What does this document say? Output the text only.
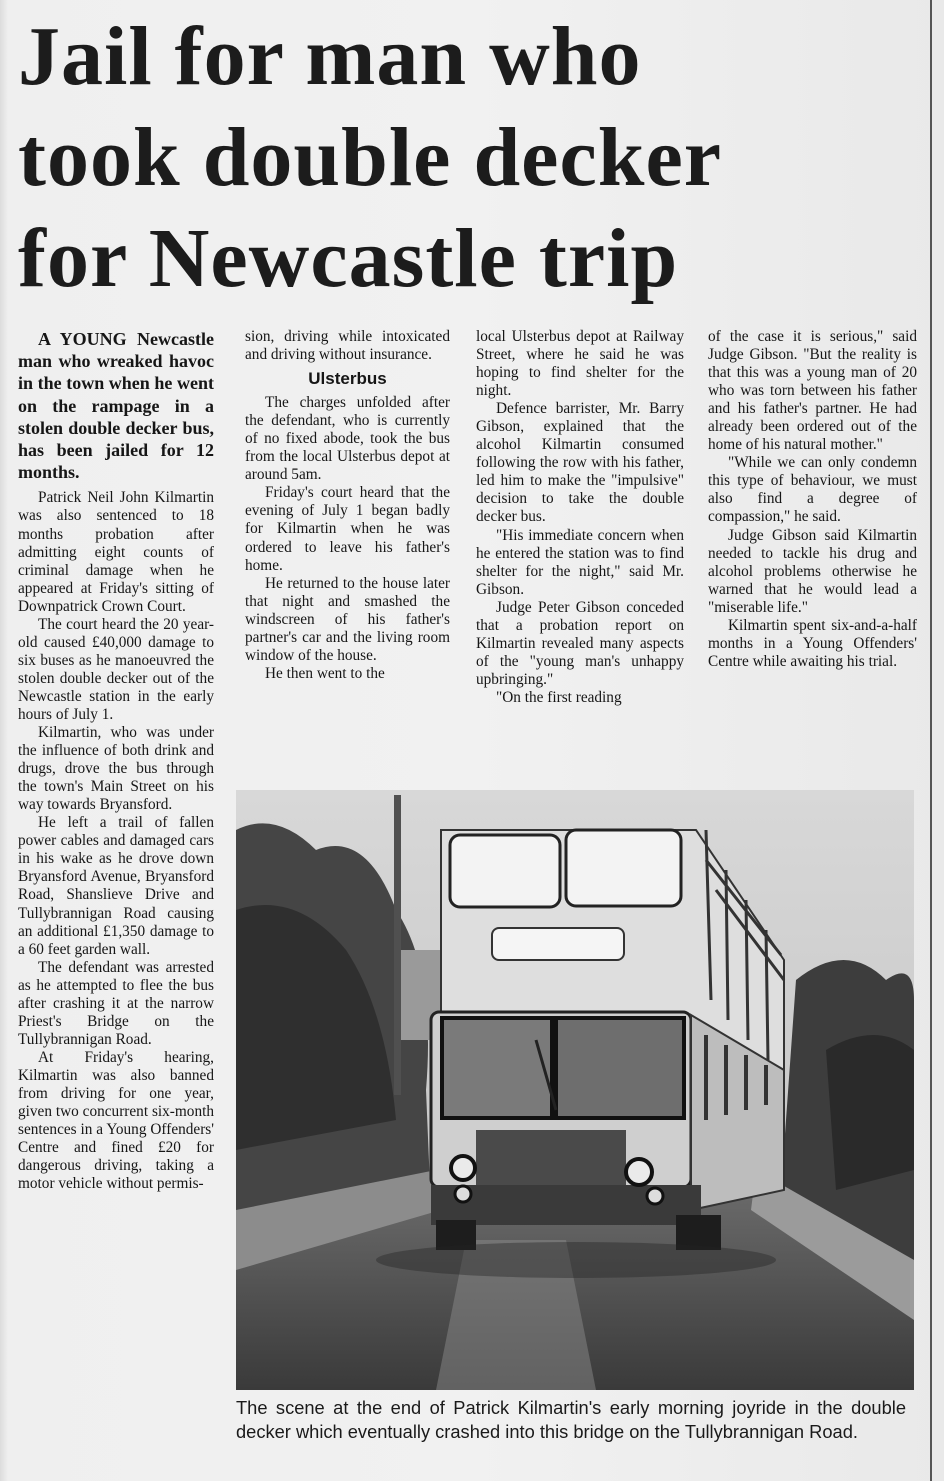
Jail for man who
took double decker
for Newcastle trip

A YOUNG Newcastle man who wreaked havoc in the town when he went on the rampage in a stolen double decker bus, has been jailed for 12 months.

Patrick Neil John Kilmartin was also sentenced to 18 months probation after admitting eight counts of criminal damage when he appeared at Friday's sitting of Downpatrick Crown Court.

The court heard the 20 year-old caused £40,000 damage to six buses as he manoeuvred the stolen double decker out of the Newcastle station in the early hours of July 1.

Kilmartin, who was under the influence of both drink and drugs, drove the bus through the town's Main Street on his way towards Bryansford.

He left a trail of fallen power cables and damaged cars in his wake as he drove down Bryansford Avenue, Bryansford Road, Shanslieve Drive and Tullybrannigan Road causing an additional £1,350 damage to a 60 feet garden wall.

The defendant was arrested as he attempted to flee the bus after crashing it at the narrow Priest's Bridge on the Tullybrannigan Road.

At Friday's hearing, Kilmartin was also banned from driving for one year, given two concurrent six-month sentences in a Young Offenders' Centre and fined £20 for dangerous driving, taking a motor vehicle without permis-

sion, driving while intoxicated and driving without insurance.

Ulsterbus

The charges unfolded after the defendant, who is currently of no fixed abode, took the bus from the local Ulsterbus depot at around 5am.

Friday's court heard that the evening of July 1 began badly for Kilmartin when he was ordered to leave his father's home.

He returned to the house later that night and smashed the windscreen of his father's partner's car and the living room window of the house.

He then went to the

local Ulsterbus depot at Railway Street, where he said he was hoping to find shelter for the night.

Defence barrister, Mr. Barry Gibson, explained that the alcohol Kilmartin consumed following the row with his father, led him to make the "impulsive" decision to take the double decker bus.

"His immediate concern when he entered the station was to find shelter for the night," said Mr. Gibson.

Judge Peter Gibson conceded that a probation report on Kilmartin revealed many aspects of the "young man's unhappy upbringing."

"On the first reading

of the case it is serious," said Judge Gibson. "But the reality is that this was a young man of 20 who was torn between his father and his father's partner. He had already been ordered out of the home of his natural mother."

"While we can only condemn this type of behaviour, we must also find a degree of compassion," he said.

Judge Gibson said Kilmartin needed to tackle his drug and alcohol problems otherwise he warned that he would lead a "miserable life."

Kilmartin spent six-and-a-half months in a Young Offenders' Centre while awaiting his trial.

The scene at the end of Patrick Kilmartin's early morning joyride in the double decker which eventually crashed into this bridge on the Tullybrannigan Road.
